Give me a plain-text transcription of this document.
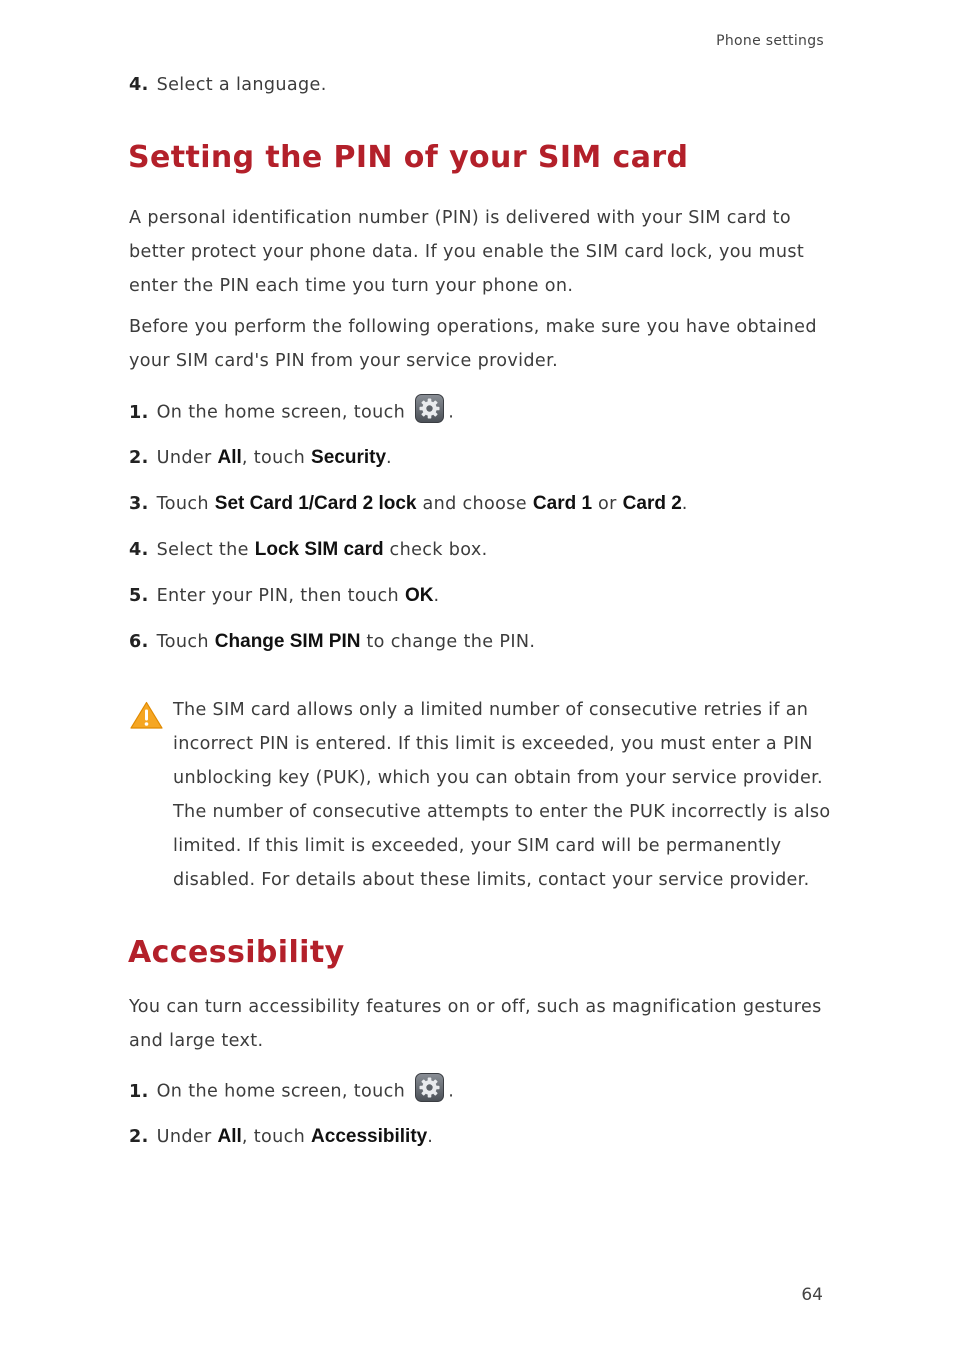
Phone settings
4. Select a language.
Setting the PIN of your SIM card
A personal identification number (PIN) is delivered with your SIM card to better protect your phone data. If you enable the SIM card lock, you must enter the PIN each time you turn your phone on.
Before you perform the following operations, make sure you have obtained your SIM card's PIN from your service provider.
1. On the home screen, touch .
2. Under All, touch Security.
3. Touch Set Card 1/Card 2 lock and choose Card 1 or Card 2.
4. Select the Lock SIM card check box.
5. Enter your PIN, then touch OK.
6. Touch Change SIM PIN to change the PIN.
The SIM card allows only a limited number of consecutive retries if an incorrect PIN is entered. If this limit is exceeded, you must enter a PIN unblocking key (PUK), which you can obtain from your service provider. The number of consecutive attempts to enter the PUK incorrectly is also limited. If this limit is exceeded, your SIM card will be permanently disabled. For details about these limits, contact your service provider.
Accessibility
You can turn accessibility features on or off, such as magnification gestures and large text.
1. On the home screen, touch .
2. Under All, touch Accessibility.
64
